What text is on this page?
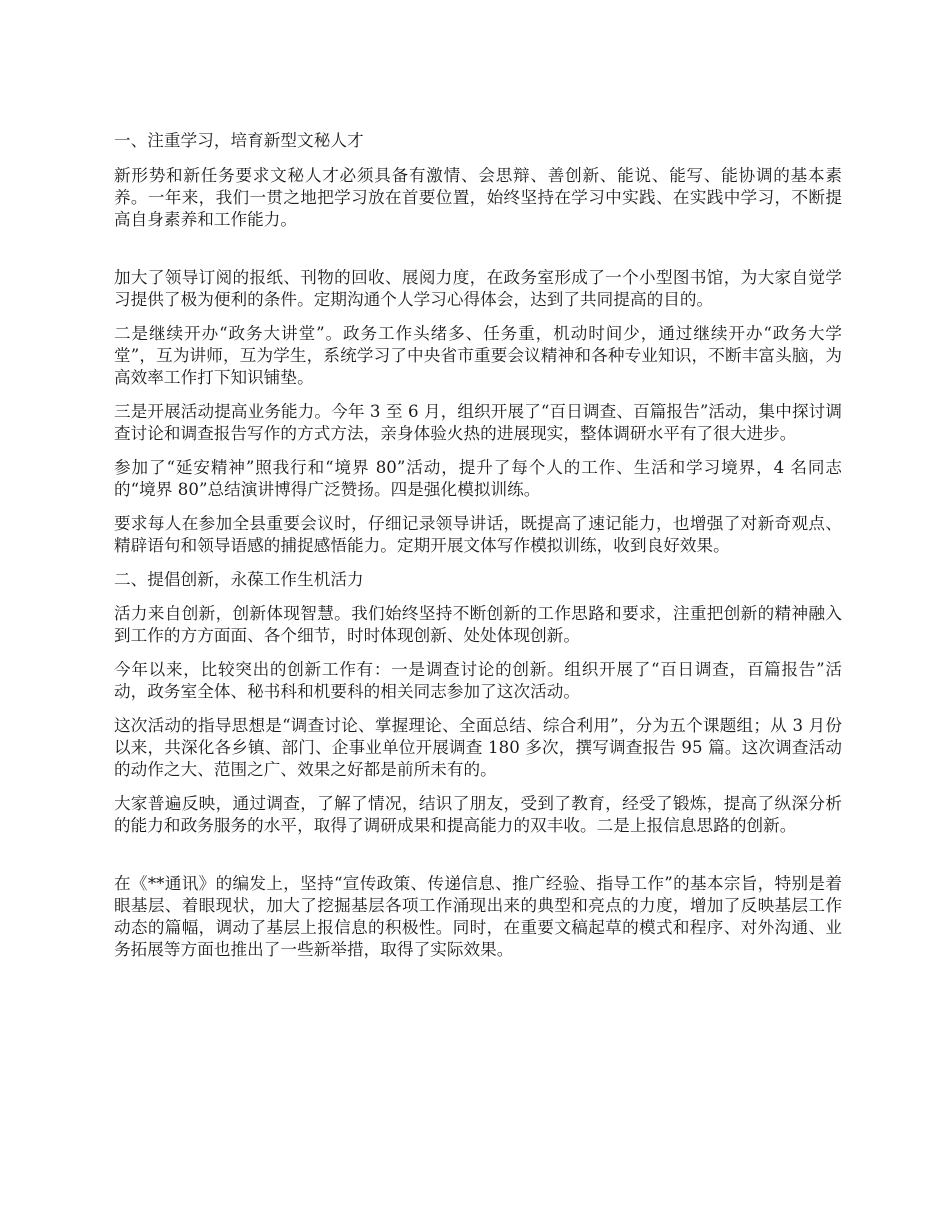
一、注重学习，培育新型文秘人才

新形势和新任务要求文秘人才必须具备有激情、会思辩、善创新、能说、能写、能协调的基本素养。一年来，我们一贯之地把学习放在首要位置，始终坚持在学习中实践、在实践中学习，不断提高自身素养和工作能力。

加大了领导订阅的报纸、刊物的回收、展阅力度，在政务室形成了一个小型图书馆，为大家自觉学习提供了极为便利的条件。定期沟通个人学习心得体会，达到了共同提高的目的。

二是继续开办“政务大讲堂”。政务工作头绪多、任务重，机动时间少，通过继续开办“政务大学堂”，互为讲师，互为学生，系统学习了中央省市重要会议精神和各种专业知识，不断丰富头脑，为高效率工作打下知识铺垫。

三是开展活动提高业务能力。今年 3 至 6 月，组织开展了“百日调查、百篇报告”活动，集中探讨调查讨论和调查报告写作的方式方法，亲身体验火热的进展现实，整体调研水平有了很大进步。

参加了“延安精神”照我行和“境界 80”活动，提升了每个人的工作、生活和学习境界，4 名同志的“境界 80”总结演讲博得广泛赞扬。四是强化模拟训练。

要求每人在参加全县重要会议时，仔细记录领导讲话，既提高了速记能力，也增强了对新奇观点、精辟语句和领导语感的捕捉感悟能力。定期开展文体写作模拟训练，收到良好效果。

二、提倡创新，永葆工作生机活力

活力来自创新，创新体现智慧。我们始终坚持不断创新的工作思路和要求，注重把创新的精神融入到工作的方方面面、各个细节，时时体现创新、处处体现创新。

今年以来，比较突出的创新工作有：一是调查讨论的创新。组织开展了“百日调查，百篇报告”活动，政务室全体、秘书科和机要科的相关同志参加了这次活动。

这次活动的指导思想是“调查讨论、掌握理论、全面总结、综合利用”，分为五个课题组；从 3 月份以来，共深化各乡镇、部门、企事业单位开展调查 180 多次，撰写调查报告 95 篇。这次调查活动的动作之大、范围之广、效果之好都是前所未有的。

大家普遍反映，通过调查，了解了情况，结识了朋友，受到了教育，经受了锻炼，提高了纵深分析的能力和政务服务的水平，取得了调研成果和提高能力的双丰收。二是上报信息思路的创新。

在《**通讯》的编发上，坚持“宣传政策、传递信息、推广经验、指导工作”的基本宗旨，特别是着眼基层、着眼现状，加大了挖掘基层各项工作涌现出来的典型和亮点的力度，增加了反映基层工作动态的篇幅，调动了基层上报信息的积极性。同时，在重要文稿起草的模式和程序、对外沟通、业务拓展等方面也推出了一些新举措，取得了实际效果。
